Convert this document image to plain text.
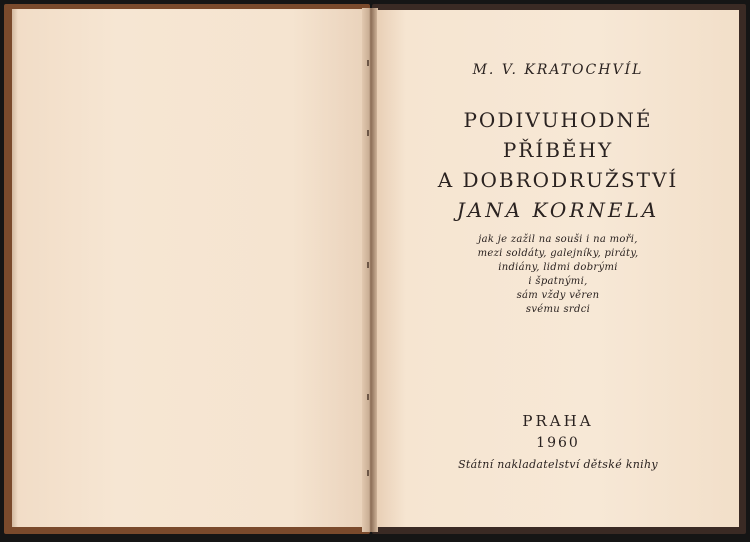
M. V. KRATOCHVÍL
PODIVUHODNÉ
PŘÍBĚHY
A DOBRODRUŽSTVÍ
JANA KORNELA
jak je zažil na souši i na moři,
mezi soldáty, galejníky, piráty,
indiány, lidmi dobrými
i špatnými,
sám vždy věren
svému srdci
PRAHA
1960
Státní nakladatelství dětské knihy
